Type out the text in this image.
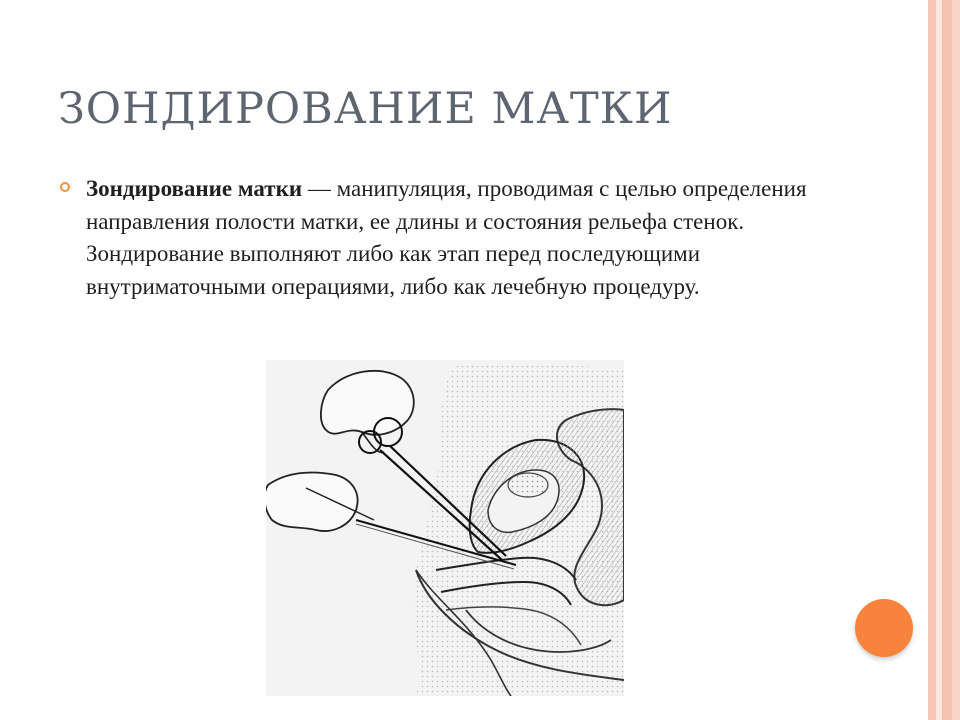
ЗОНДИРОВАНИЕ МАТКИ

Зондирование матки — манипуляция, проводимая с целью определения направления полости матки, ее длины и состояния рельефа стенок. Зондирование выполняют либо как этап перед последующими внутриматочными операциями, либо как лечебную процедуру.
